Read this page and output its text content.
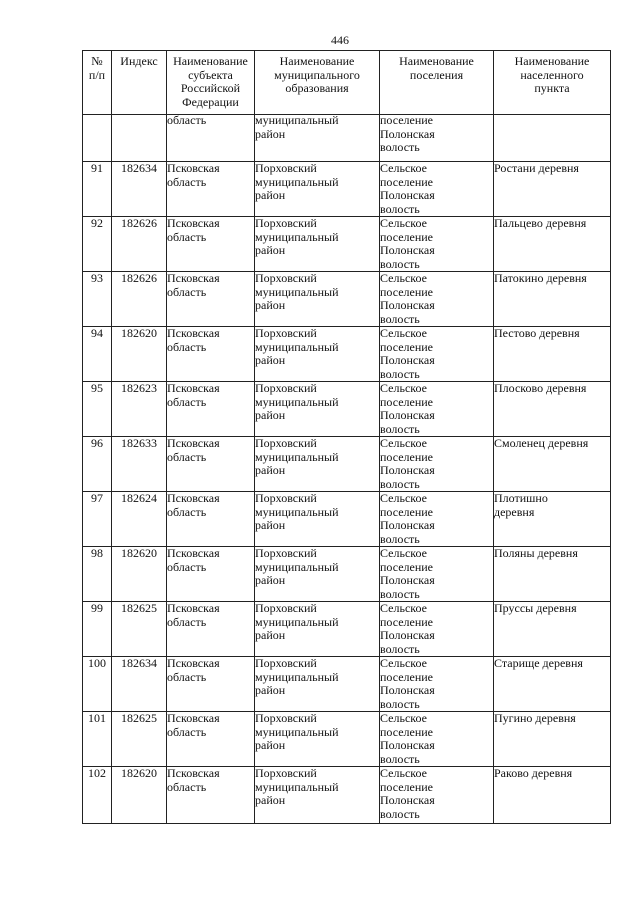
446
№
п/п	Индекс	Наименование
субъекта
Российской
Федерации	Наименование
муниципального
образования	Наименование
поселения	Наименование
населенного
пункта

		область	муниципальный
район	поселение
Полонская
волость	

91	182634	Псковская
область	Порховский
муниципальный
район	Сельское
поселение
Полонская
волость	Ростани деревня

92	182626	Псковская
область	Порховский
муниципальный
район	Сельское
поселение
Полонская
волость	Пальцево деревня

93	182626	Псковская
область	Порховский
муниципальный
район	Сельское
поселение
Полонская
волость	Патокино деревня

94	182620	Псковская
область	Порховский
муниципальный
район	Сельское
поселение
Полонская
волость	Пестово деревня

95	182623	Псковская
область	Порховский
муниципальный
район	Сельское
поселение
Полонская
волость	Плосково деревня

96	182633	Псковская
область	Порховский
муниципальный
район	Сельское
поселение
Полонская
волость	Смоленец деревня

97	182624	Псковская
область	Порховский
муниципальный
район	Сельское
поселение
Полонская
волость	Плотишно
деревня

98	182620	Псковская
область	Порховский
муниципальный
район	Сельское
поселение
Полонская
волость	Поляны деревня

99	182625	Псковская
область	Порховский
муниципальный
район	Сельское
поселение
Полонская
волость	Пруссы деревня

100	182634	Псковская
область	Порховский
муниципальный
район	Сельское
поселение
Полонская
волость	Старище деревня

101	182625	Псковская
область	Порховский
муниципальный
район	Сельское
поселение
Полонская
волость	Пугино деревня

102	182620	Псковская
область	Порховский
муниципальный
район	Сельское
поселение
Полонская
волость	Раково деревня
